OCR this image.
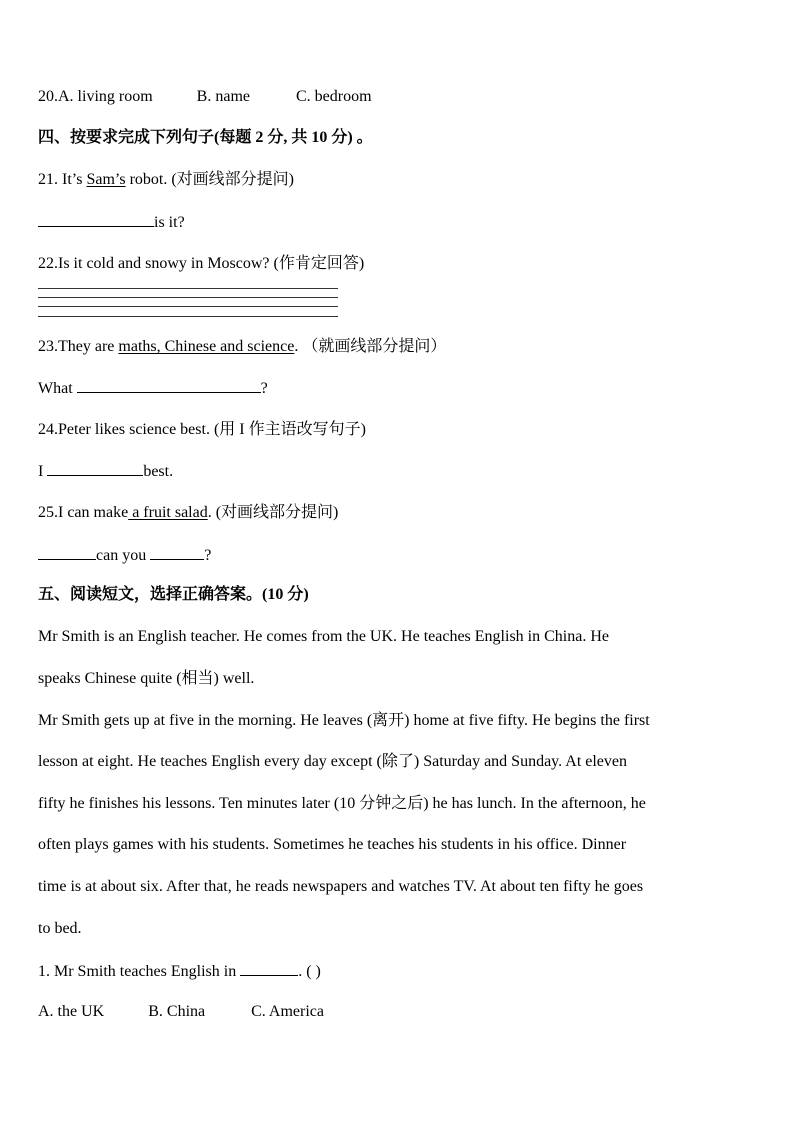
20.A. living room	B. name	C. bedroom
四、按要求完成下列句子(每题 2 分, 共 10 分) 。
21. It’s Sam’s robot. (对画线部分提问)
is it?
22.Is it cold and snowy in Moscow? (作肯定回答)
23.They are maths, Chinese and science. （就画线部分提问）
What	?
24.Peter likes science best. (用 I 作主语改写句子)
I	best.
25.I can make a fruit salad. (对画线部分提问)
can you	?
五、阅读短文，选择正确答案。(10 分)
Mr Smith is an English teacher. He comes from the UK. He teaches English in China. He
speaks Chinese quite (相当) well.
Mr Smith gets up at five in the morning. He leaves (离开) home at five fifty. He begins the first
lesson at eight. He teaches English every day except (除了) Saturday and Sunday. At eleven
fifty he finishes his lessons. Ten minutes later (10 分钟之后) he has lunch. In the afternoon, he
often plays games with his students. Sometimes he teaches his students in his office. Dinner
time is at about six. After that, he reads newspapers and watches TV. At about ten fifty he goes
to bed.
1. Mr Smith teaches English in	. ( )
A. the UK	B. China	C. America
